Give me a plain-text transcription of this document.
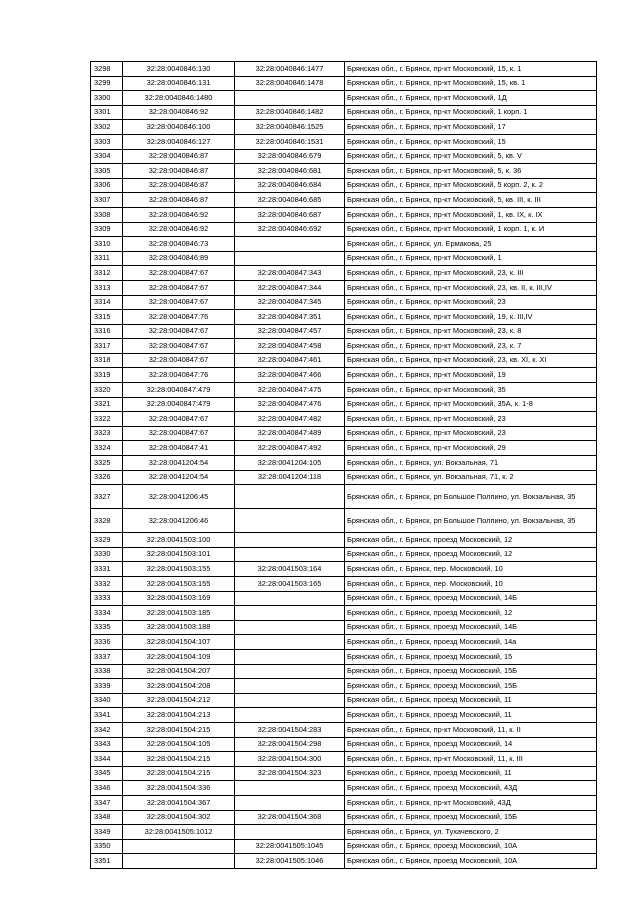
3298	32:28:0040846:130	32:28:0040846:1477	Брянская обл., г. Брянск, пр-кт Московский, 15, к. 1
3299	32:28:0040846:131	32:28:0040846:1478	Брянская обл., г. Брянск, пр-кт Московский, 15, кв. 1
3300	32:28:0040846:1480		Брянская обл., г. Брянск, пр-кт Московский, 1Д
3301	32:28:0040846:92	32:28:0040846:1482	Брянская обл., г. Брянск, пр-кт Московский, 1 корп. 1
3302	32:28:0040846:100	32:28:0040846:1525	Брянская обл., г. Брянск, пр-кт Московский, 17
3303	32:28:0040846:127	32:28:0040846:1531	Брянская обл., г. Брянск, пр-кт Московский, 15
3304	32:28:0040846:87	32:28:0040846:679	Брянская обл., г. Брянск, пр-кт Московский, 5, кв. V
3305	32:28:0040846:87	32:28:0040846:681	Брянская обл., г. Брянск, пр-кт Московский, 5, к. 36
3306	32:28:0040846:87	32:28:0040846:684	Брянская обл., г. Брянск, пр-кт Московский, 5 корп. 2, к. 2
3307	32:28:0040846:87	32:28:0040846:685	Брянская обл., г. Брянск, пр-кт Московский, 5, кв. III, к. III
3308	32:28:0040846:92	32:28:0040846:687	Брянская обл., г. Брянск, пр-кт Московский, 1, кв. IX, к. IX
3309	32:28:0040846:92	32:28:0040846:692	Брянская обл., г. Брянск, пр-кт Московский, 1 корп. 1, к. И
3310	32:28:0040846:73		Брянская обл., г. Брянск, ул. Ермакова, 25
3311	32:28:0040846:89		Брянская обл., г. Брянск, пр-кт Московский, 1
3312	32:28:0040847:67	32:28:0040847:343	Брянская обл., г. Брянск, пр-кт Московский, 23, к. III
3313	32:28:0040847:67	32:28:0040847:344	Брянская обл., г. Брянск, пр-кт Московский, 23, кв. II, к. III,IV
3314	32:28:0040847:67	32:28:0040847:345	Брянская обл., г. Брянск, пр-кт Московский, 23
3315	32:28:0040847:76	32:28:0040847:351	Брянская обл., г. Брянск, пр-кт Московский, 19, к. III,IV
3316	32:28:0040847:67	32:28:0040847:457	Брянская обл., г. Брянск, пр-кт Московский, 23, к. 8
3317	32:28:0040847:67	32:28:0040847:458	Брянская обл., г. Брянск, пр-кт Московский, 23, к. 7
3318	32:28:0040847:67	32:28:0040847:461	Брянская обл., г. Брянск, пр-кт Московский, 23, кв. XI, к. XI
3319	32:28:0040847:76	32:28:0040847:466	Брянская обл., г. Брянск, пр-кт Московский, 19
3320	32:28:0040847:479	32:28:0040847:475	Брянская обл., г. Брянск, пр-кт Московский, 35
3321	32:28:0040847:479	32:28:0040847:476	Брянская обл., г. Брянск, пр-кт Московский, 35А, к. 1-8
3322	32:28:0040847:67	32:28:0040847:482	Брянская обл., г. Брянск, пр-кт Московский, 23
3323	32:28:0040847:67	32:28:0040847:489	Брянская обл., г. Брянск, пр-кт Московский, 23
3324	32:28:0040847:41	32:28:0040847:492	Брянская обл., г. Брянск, пр-кт Московский, 29
3325	32:28:0041204:54	32:28:0041204:105	Брянская обл., г. Брянск, ул. Вокзальная, 71
3326	32:28:0041204:54	32:28:0041204:118	Брянская обл., г. Брянск, ул. Вокзальная, 71, к. 2
3327	32:28:0041206:45		Брянская обл., г. Брянск, рп Большое Полпино, ул. Вокзальная, 35
3328	32:28:0041206:46		Брянская обл., г. Брянск, рп Большое Полпино, ул. Вокзальная, 35
3329	32:28:0041503:100		Брянская обл., г. Брянск, проезд Московский, 12
3330	32:28:0041503:101		Брянская обл., г. Брянск, проезд Московский, 12
3331	32:28:0041503:155	32:28:0041503:164	Брянская обл., г. Брянск, пер. Московский, 10
3332	32:28:0041503:155	32:28:0041503:165	Брянская обл., г. Брянск, пер. Московский, 10
3333	32:28:0041503:169		Брянская обл., г. Брянск, проезд Московский, 14Б
3334	32:28:0041503:185		Брянская обл., г. Брянск, проезд Московский, 12
3335	32:28:0041503:188		Брянская обл., г. Брянск, проезд Московский, 14Б
3336	32:28:0041504:107		Брянская обл., г. Брянск, проезд Московский, 14а
3337	32:28:0041504:109		Брянская обл., г. Брянск, проезд Московский, 15
3338	32:28:0041504:207		Брянская обл., г. Брянск, проезд Московский, 15Б
3339	32:28:0041504:208		Брянская обл., г. Брянск, проезд Московский, 15Б
3340	32:28:0041504:212		Брянская обл., г. Брянск, проезд Московский, 11
3341	32:28:0041504:213		Брянская обл., г. Брянск, проезд Московский, 11
3342	32:28:0041504:215	32:28:0041504:283	Брянская обл., г. Брянск, пр-кт Московский, 11, к. II
3343	32:28:0041504:105	32:28:0041504:298	Брянская обл., г. Брянск, проезд Московский, 14
3344	32:28:0041504:215	32:28:0041504:300	Брянская обл., г. Брянск, пр-кт Московский, 11, к. III
3345	32:28:0041504:215	32:28:0041504:323	Брянская обл., г. Брянск, проезд Московский, 11
3346	32:28:0041504:336		Брянская обл., г. Брянск, проезд Московский, 43Д
3347	32:28:0041504:367		Брянская обл., г. Брянск, пр-кт Московский, 43Д
3348	32:28:0041504:302	32:28:0041504:368	Брянская обл., г. Брянск, проезд Московский, 15Б
3349	32:28:0041505:1012		Брянская обл., г. Брянск, ул. Тухачевского, 2
3350		32:28:0041505:1045	Брянская обл., г. Брянск, проезд Московский, 10А
3351		32:28:0041505:1046	Брянская обл., г. Брянск, проезд Московский, 10А
